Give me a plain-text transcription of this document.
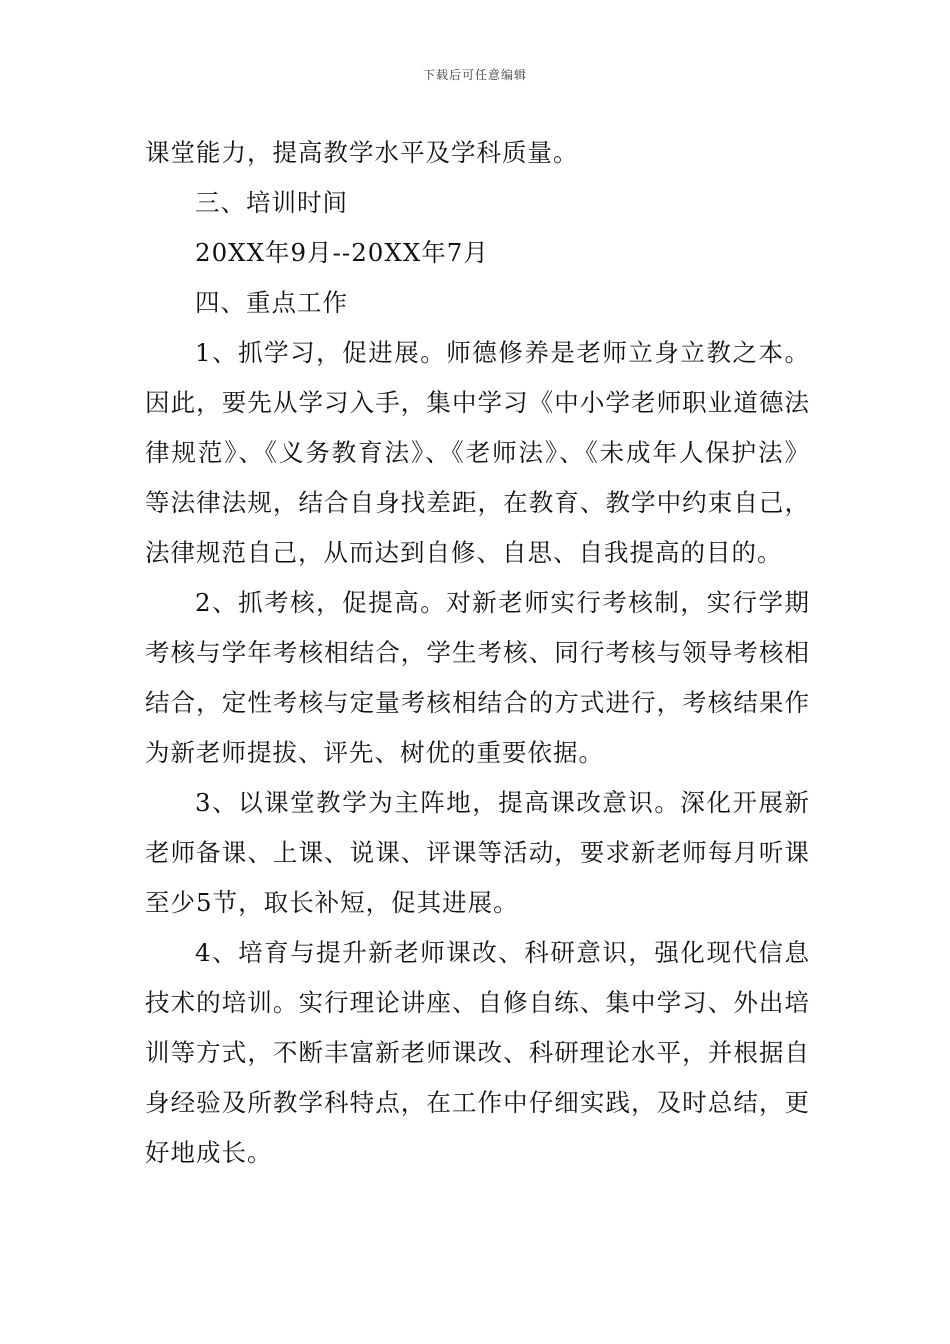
下载后可任意编辑

课堂能力，提高教学水平及学科质量。

三、培训时间

20XX年9月--20XX年7月

四、重点工作

1、抓学习，促进展。师德修养是老师立身立教之本。因此，要先从学习入手，集中学习《中小学老师职业道德法律规范》、《义务教育法》、《老师法》、《未成年人保护法》等法律法规，结合自身找差距，在教育、教学中约束自己，法律规范自己，从而达到自修、自思、自我提高的目的。

2、抓考核，促提高。对新老师实行考核制，实行学期考核与学年考核相结合，学生考核、同行考核与领导考核相结合，定性考核与定量考核相结合的方式进行，考核结果作为新老师提拔、评先、树优的重要依据。

3、以课堂教学为主阵地，提高课改意识。深化开展新老师备课、上课、说课、评课等活动，要求新老师每月听课至少5节，取长补短，促其进展。

4、培育与提升新老师课改、科研意识，强化现代信息技术的培训。实行理论讲座、自修自练、集中学习、外出培训等方式，不断丰富新老师课改、科研理论水平，并根据自身经验及所教学科特点，在工作中仔细实践，及时总结，更好地成长。
